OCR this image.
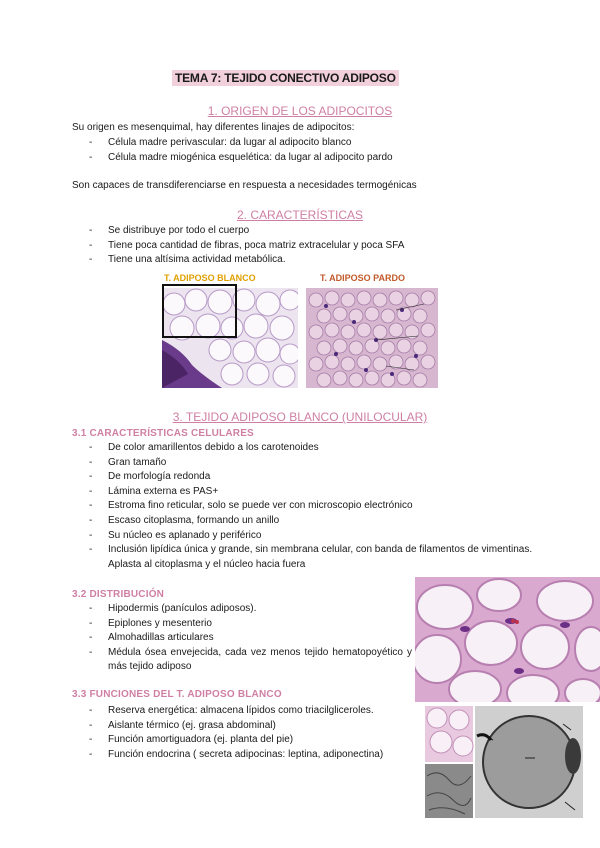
TEMA 7: TEJIDO CONECTIVO ADIPOSO
1. ORIGEN DE LOS ADIPOCITOS
Su origen es mesenquimal, hay diferentes linajes de adipocitos:
- Célula madre perivascular: da lugar al adipocito blanco
- Célula madre miogénica esquelética: da lugar al adipocito pardo
Son capaces de transdiferenciarse en respuesta a necesidades termogénicas
2. CARACTERÍSTICAS
- Se distribuye por todo el cuerpo
- Tiene poca cantidad de fibras, poca matriz extracelular y poca SFA
- Tiene una altísima actividad metabólica.
T. ADIPOSO BLANCO	T. ADIPOSO PARDO
3. TEJIDO ADIPOSO BLANCO (UNILOCULAR)
3.1 CARACTERÍSTICAS CELULARES
- De color amarillentos debido a los carotenoides
- Gran tamaño
- De morfología redonda
- Lámina externa es PAS+
- Estroma fino reticular, solo se puede ver con microscopio electrónico
- Escaso citoplasma, formando un anillo
- Su núcleo es aplanado y periférico
- Inclusión lipídica única y grande, sin membrana celular, con banda de filamentos de vimentinas. Aplasta al citoplasma y el núcleo hacia fuera
3.2 DISTRIBUCIÓN
- Hipodermis (panículos adiposos).
- Epiplones y mesenterio
- Almohadillas articulares
- Médula ósea envejecida, cada vez menos tejido hematopoyético y más tejido adiposo
3.3 FUNCIONES DEL T. ADIPOSO BLANCO
- Reserva energética: almacena lípidos como triacilgliceroles.
- Aislante térmico (ej. grasa abdominal)
- Función amortiguadora (ej. planta del pie)
- Función endocrina ( secreta adipocinas: leptina, adiponectina)
